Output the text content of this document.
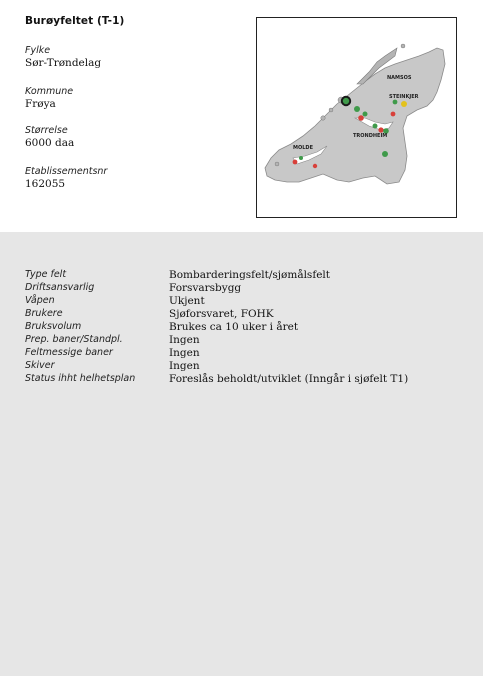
Burøyfeltet (T-1)
Fylke
Sør-Trøndelag
Kommune
Frøya
Størrelse
6000 daa
Etablissementsnr
162055
NAMSOS
STEINKJER
TRONDHEIM
MOLDE
Type felt	Bombarderingsfelt/sjømålsfelt
Driftsansvarlig	Forsvarsbygg
Våpen	Ukjent
Brukere	Sjøforsvaret, FOHK
Bruksvolum	Brukes ca 10 uker i året
Prep. baner/Standpl.	Ingen
Feltmessige baner	Ingen
Skiver	Ingen
Status ihht helhetsplan	Foreslås beholdt/utviklet (Inngår i sjøfelt T1)
